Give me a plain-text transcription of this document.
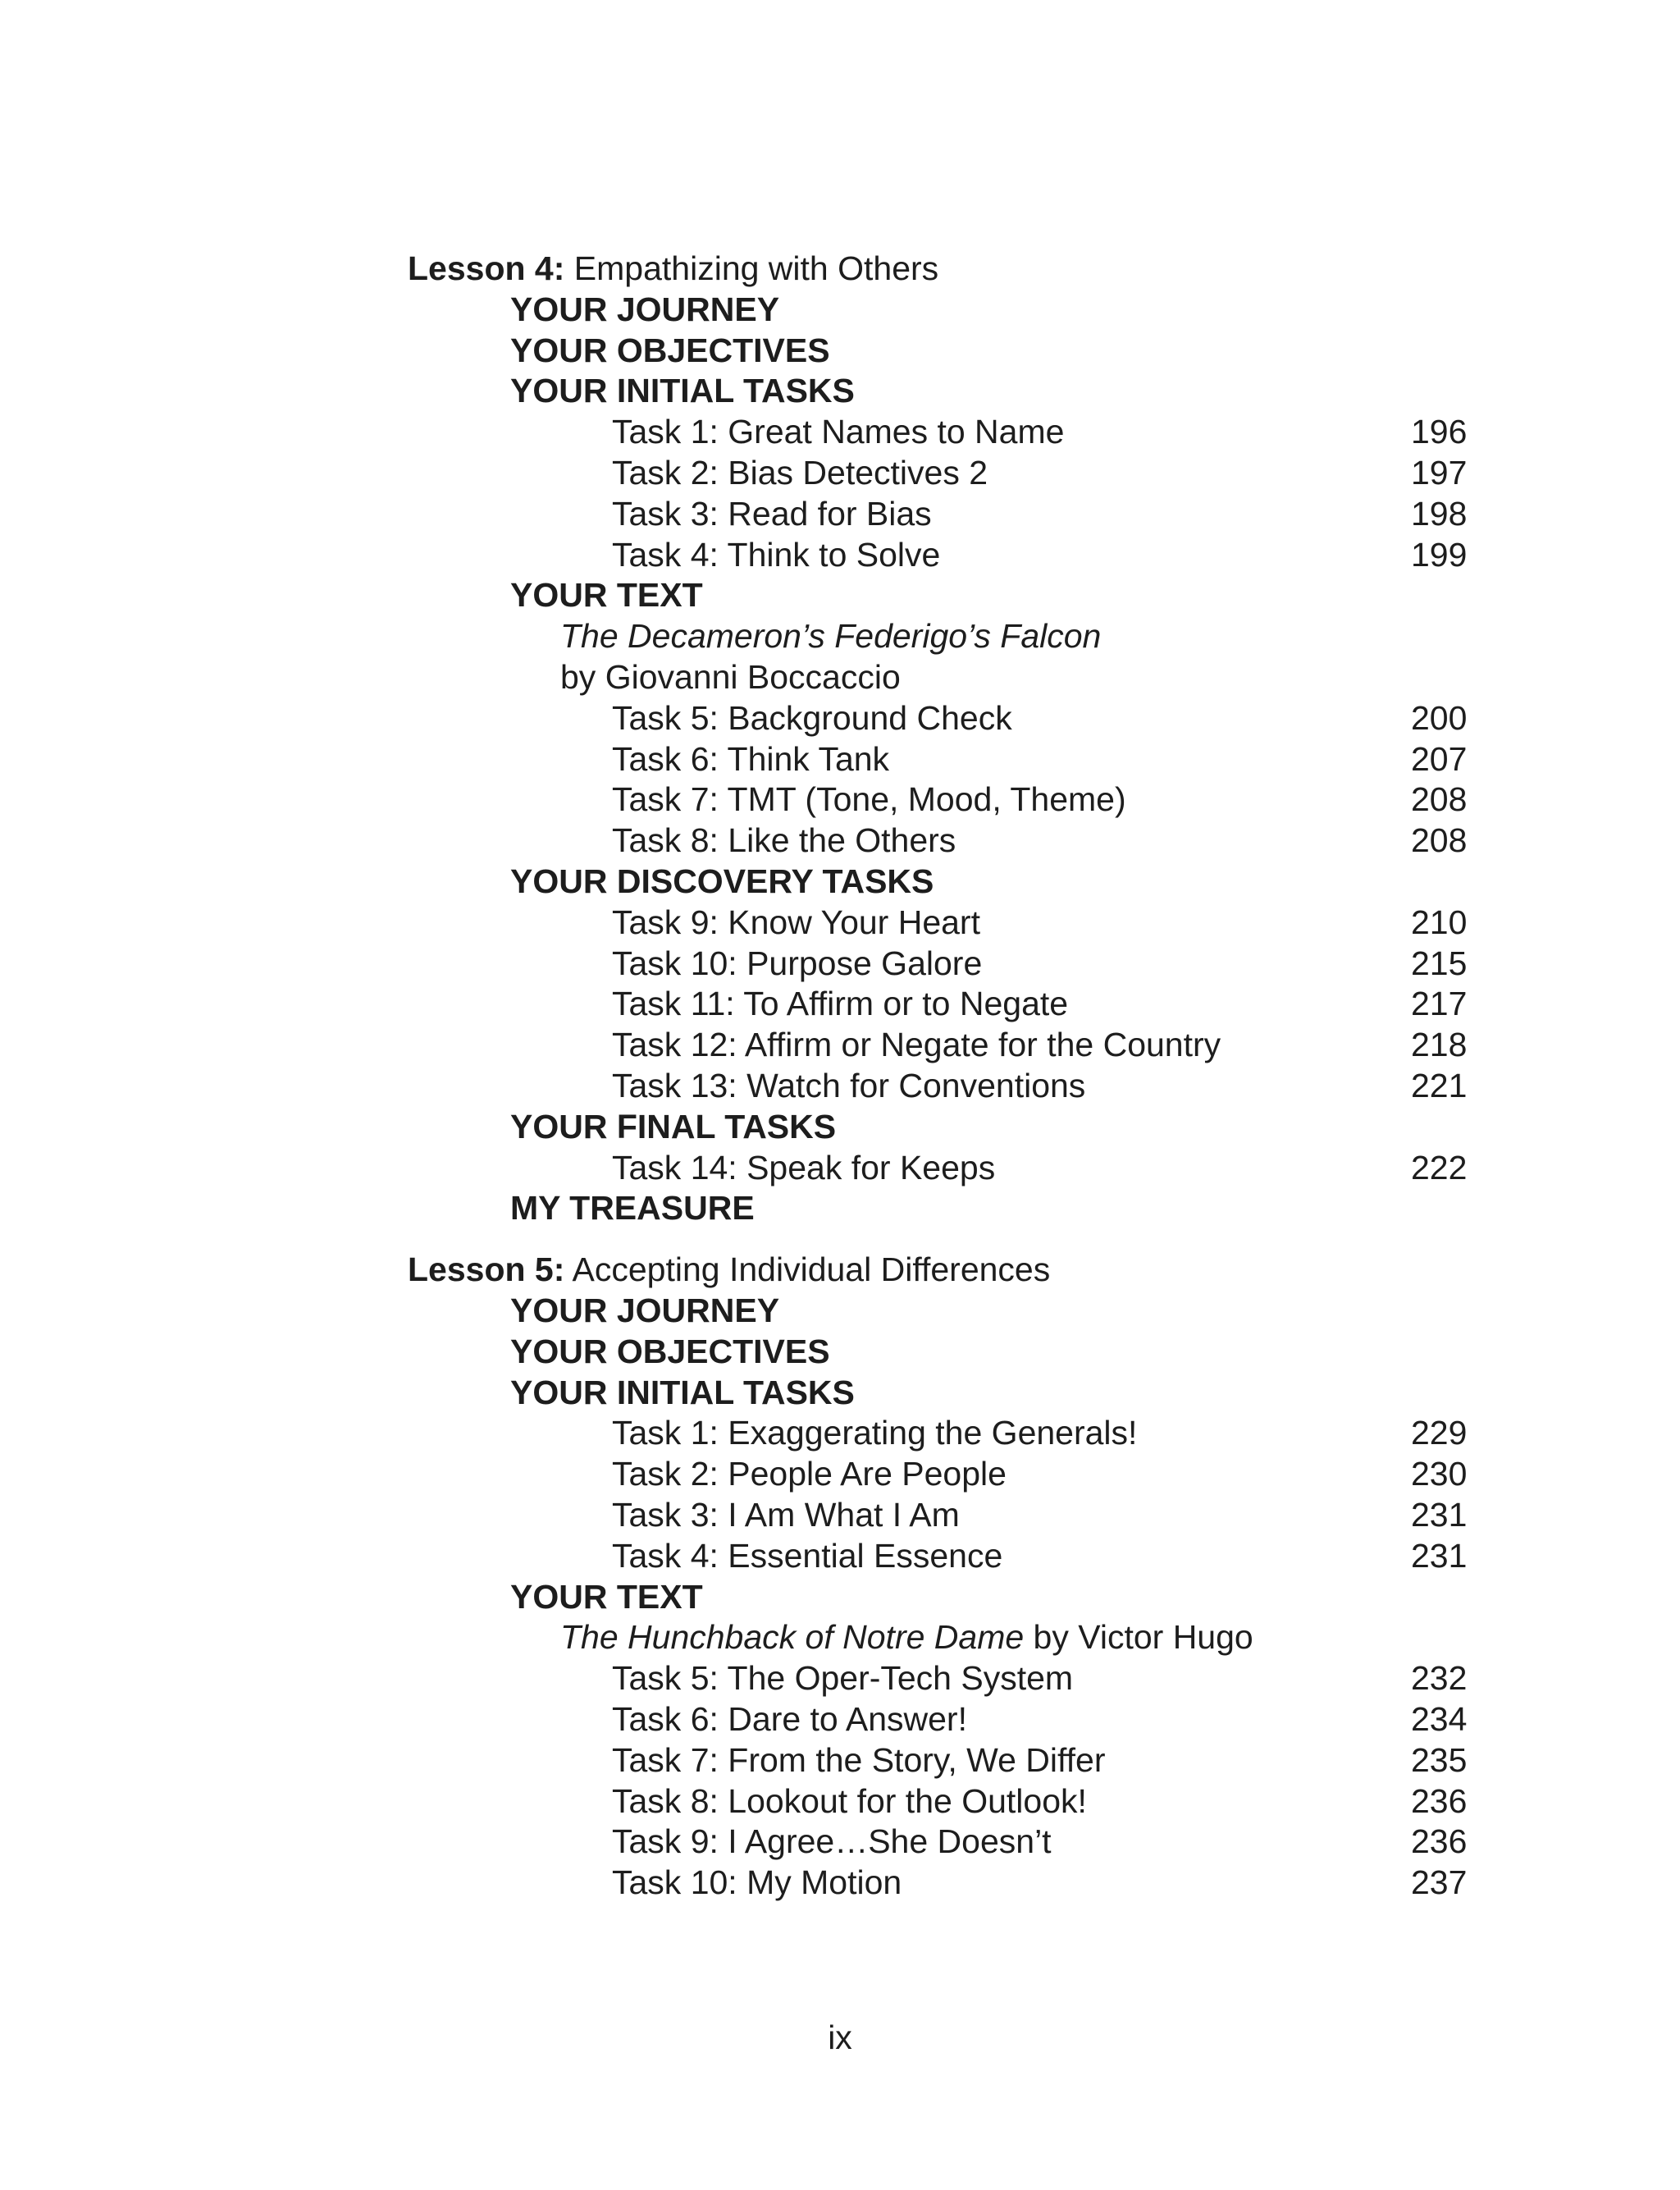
Lesson 4: Empathizing with Others
YOUR JOURNEY
YOUR OBJECTIVES
YOUR INITIAL TASKS
Task 1: Great Names to Name	196
Task 2: Bias Detectives 2	197
Task 3: Read for Bias	198
Task 4: Think to Solve	199
YOUR TEXT
The Decameron’s Federigo’s Falcon
by Giovanni Boccaccio
Task 5: Background Check	200
Task 6: Think Tank	207
Task 7: TMT (Tone, Mood, Theme)	208
Task 8: Like the Others	208
YOUR DISCOVERY TASKS
Task 9: Know Your Heart	210
Task 10: Purpose Galore	215
Task 11: To Affirm or to Negate	217
Task 12: Affirm or Negate for the Country	218
Task 13: Watch for Conventions	221
YOUR FINAL TASKS
Task 14: Speak for Keeps	222
MY TREASURE
Lesson 5: Accepting Individual Differences
YOUR JOURNEY
YOUR OBJECTIVES
YOUR INITIAL TASKS
Task 1: Exaggerating the Generals!	229
Task 2: People Are People	230
Task 3: I Am What I Am	231
Task 4: Essential Essence	231
YOUR TEXT
The Hunchback of Notre Dame by Victor Hugo
Task 5: The Oper-Tech System	232
Task 6: Dare to Answer!	234
Task 7: From the Story, We Differ	235
Task 8: Lookout for the Outlook!	236
Task 9: I Agree…She Doesn’t	236
Task 10: My Motion	237
ix
